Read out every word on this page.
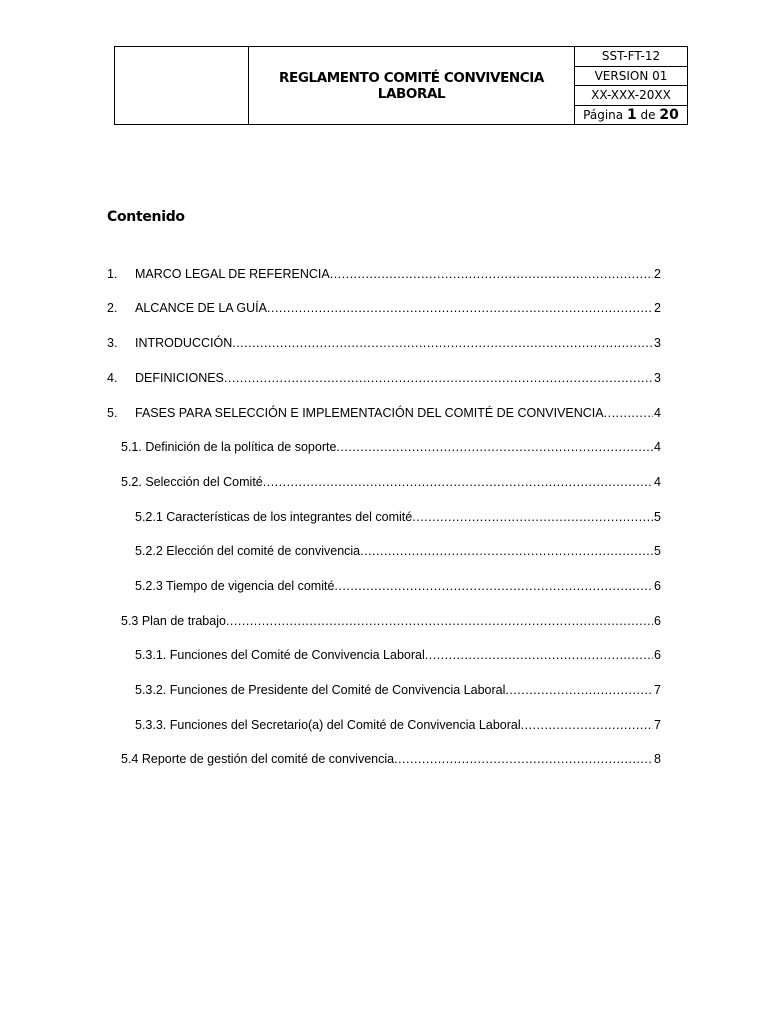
	REGLAMENTO COMITÉ CONVIVENCIA LABORAL	SST-FT-12
VERSION 01
XX-XXX-20XX
Página 1 de 20
Contenido
1.	MARCO LEGAL DE REFERENCIA .....	2
2.	ALCANCE DE LA GUÍA .....	2
3.	INTRODUCCIÓN .....	3
4.	DEFINICIONES .....	3
5.	FASES PARA SELECCIÓN E IMPLEMENTACIÓN DEL COMITÉ DE CONVIVENCIA .....	4
5.1. Definición de la política de soporte .....	4
5.2. Selección del Comité .....	4
5.2.1 Características de los integrantes del comité .....	5
5.2.2 Elección del comité de convivencia .....	5
5.2.3 Tiempo de vigencia del comité .....	6
5.3 Plan de trabajo .....	6
5.3.1. Funciones del Comité de Convivencia Laboral .....	6
5.3.2. Funciones de Presidente del Comité de Convivencia Laboral .....	7
5.3.3. Funciones del Secretario(a) del Comité de Convivencia Laboral .....	7
5.4 Reporte de gestión del comité de convivencia .....	8
